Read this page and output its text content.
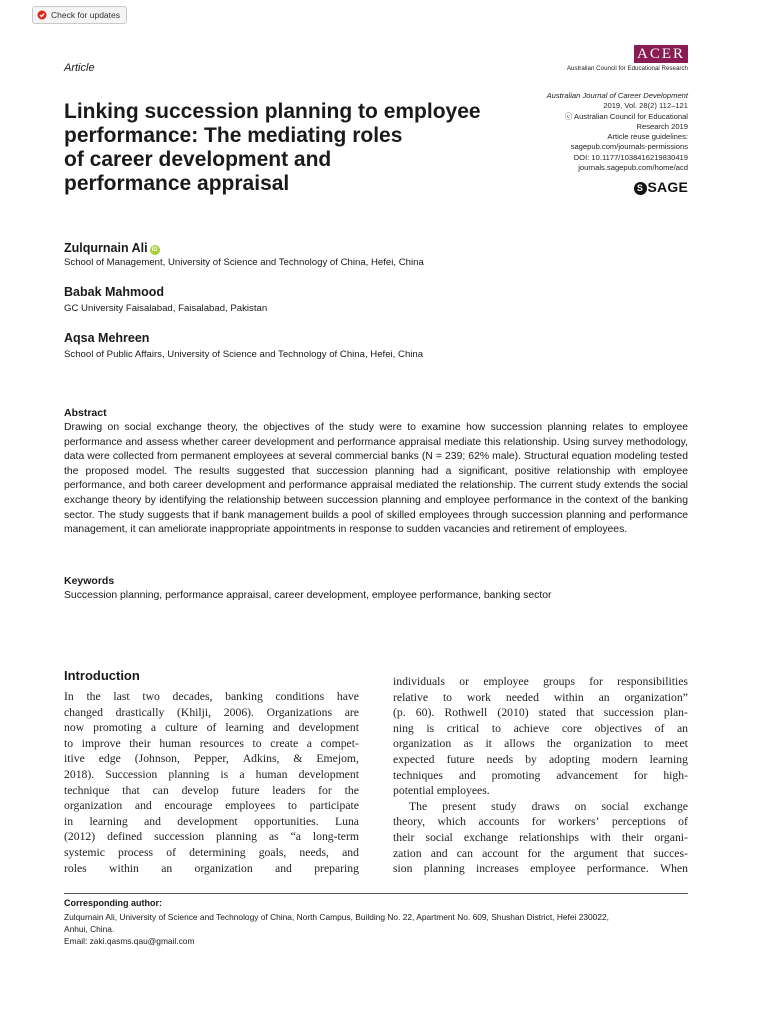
Check for updates
Article
ACER
Australian Council for Educational Research
Linking succession planning to employee
performance: The mediating roles
of career development and
performance appraisal
Australian Journal of Career Development
2019, Vol. 28(2) 112–121
ⓒ Australian Council for Educational
Research 2019
Article reuse guidelines:
sagepub.com/journals-permissions
DOI: 10.1177/1038416219830419
journals.sagepub.com/home/acd
S SAGE
Zulqurnain Ali iD
School of Management, University of Science and Technology of China, Hefei, China
Babak Mahmood
GC University Faisalabad, Faisalabad, Pakistan
Aqsa Mehreen
School of Public Affairs, University of Science and Technology of China, Hefei, China
Abstract
Drawing on social exchange theory, the objectives of the study were to examine how succession planning relates to employee performance and assess whether career development and performance appraisal mediate this relationship. Using survey methodology, data were collected from permanent employees at several commercial banks (N = 239; 62% male). Structural equation modeling tested the proposed model. The results suggested that succession planning had a significant, positive relationship with employee performance, and both career development and performance appraisal mediated the relationship. The current study extends the social exchange theory by identifying the relationship between succession planning and employee performance in the context of the banking sector. The study suggests that if bank management builds a pool of skilled employees through succession planning and performance management, it can ameliorate inappropriate appointments in response to sudden vacancies and retirement of employees.
Keywords
Succession planning, performance appraisal, career development, employee performance, banking sector
Introduction
In the last two decades, banking conditions have
changed drastically (Khilji, 2006). Organizations are
now promoting a culture of learning and development
to improve their human resources to create a compet-
itive edge (Johnson, Pepper, Adkins, & Emejom,
2018). Succession planning is a human development
technique that can develop future leaders for the
organization and encourage employees to participate
in learning and development opportunities. Luna
(2012) defined succession planning as “a long-term
systemic process of determining goals, needs, and
roles within an organization and preparing
individuals or employee groups for responsibilities
relative to work needed within an organization”
(p. 60). Rothwell (2010) stated that succession plan-
ning is critical to achieve core objectives of an
organization as it allows the organization to meet
expected future needs by adopting modern learning
techniques and promoting advancement for high-
potential employees.
The present study draws on social exchange
theory, which accounts for workers’ perceptions of
their social exchange relationships with their organi-
zation and can account for the argument that succes-
sion planning increases employee performance. When
Corresponding author:
Zulqurnain Ali, University of Science and Technology of China, North Campus, Building No. 22, Apartment No. 609, Shushan District, Hefei 230022,
Anhui, China.
Email: zaki.qasms.qau@gmail.com
